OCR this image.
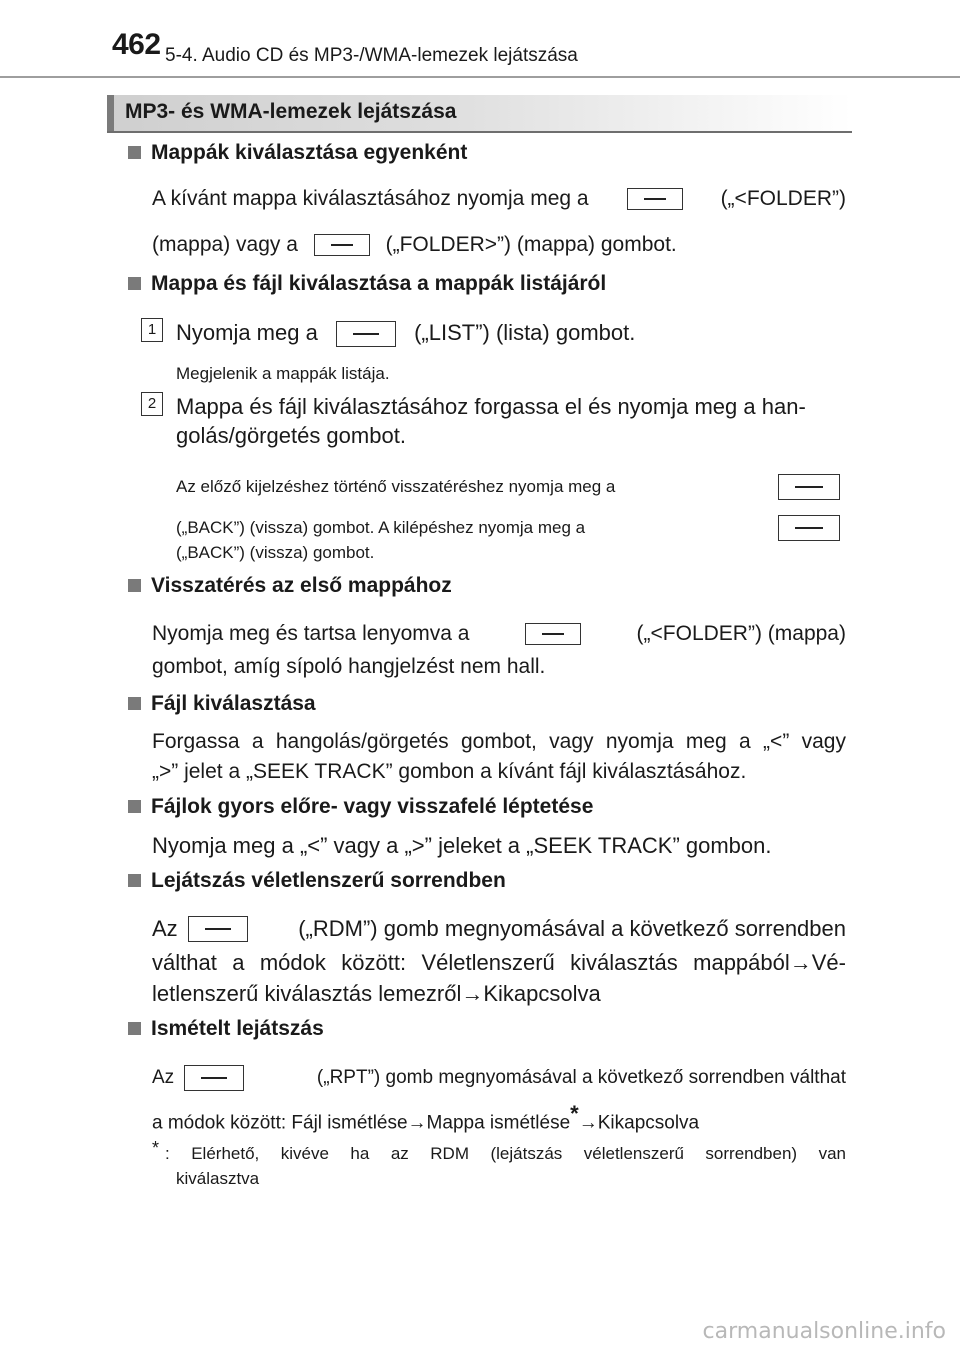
462 5-4. Audio CD és MP3-/WMA-lemezek lejátszása
MP3- és WMA-lemezek lejátszása
Mappák kiválasztása egyenként
A kívánt mappa kiválasztásához nyomja meg a	(„<FOLDER”)
(mappa) vagy a	(„FOLDER>”) (mappa) gombot.
Mappa és fájl kiválasztása a mappák listájáról
1 Nyomja meg a	(„LIST”) (lista) gombot.
Megjelenik a mappák listája.
2 Mappa és fájl kiválasztásához forgassa el és nyomja meg a han-
golás/görgetés gombot.
Az előző kijelzéshez történő visszatéréshez nyomja meg a
(„BACK”) (vissza) gombot. A kilépéshez nyomja meg a
(„BACK”) (vissza) gombot.
Visszatérés az első mappához
Nyomja meg és tartsa lenyomva a	(„<FOLDER”) (mappa)
gombot, amíg sípoló hangjelzést nem hall.
Fájl kiválasztása
Forgassa a hangolás/görgetés gombot, vagy nyomja meg a „<” vagy
„>” jelet a „SEEK TRACK” gombon a kívánt fájl kiválasztásához.
Fájlok gyors előre- vagy visszafelé léptetése
Nyomja meg a „<” vagy a „>” jeleket a „SEEK TRACK” gombon.
Lejátszás véletlenszerű sorrendben
Az	(„RDM”) gomb megnyomásával a következő sorrendben
válthat a módok között: Véletlenszerű kiválasztás mappából→Vé-
letlenszerű kiválasztás lemezről→Kikapcsolva
Ismételt lejátszás
Az	(„RPT”) gomb megnyomásával a következő sorrendben válthat
a módok között: Fájl ismétlése→Mappa ismétlése*→Kikapcsolva
* : Elérhető, kivéve ha az RDM (lejátszás véletlenszerű sorrendben) van
kiválasztva
carmanualsonline.info
